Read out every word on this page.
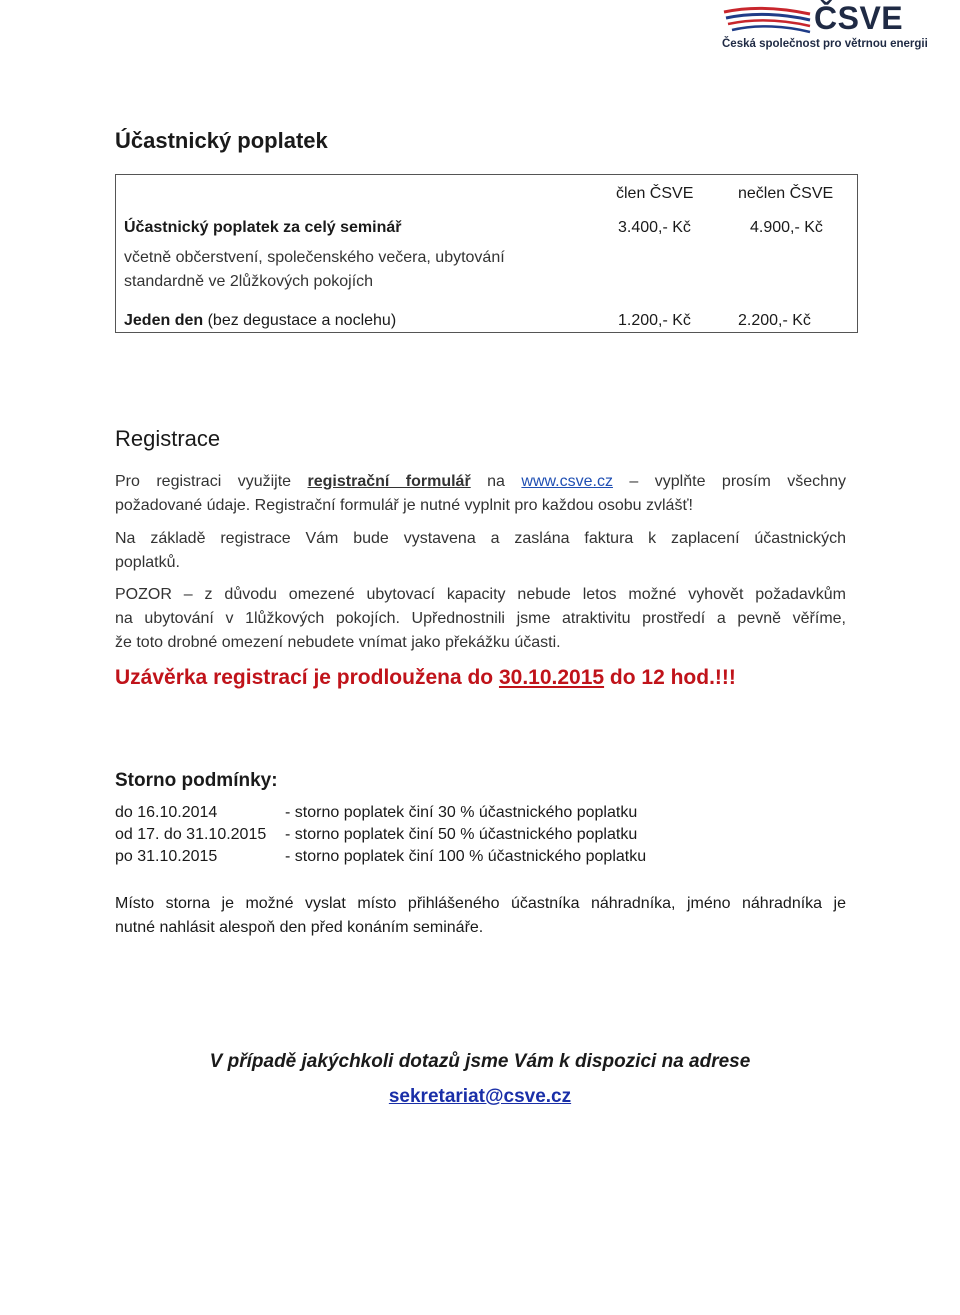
ČSVE
Česká společnost pro větrnou energii
Účastnický poplatek
člen ČSVE	nečlen ČSVE
Účastnický poplatek za celý seminář	3.400,- Kč	4.900,- Kč
včetně občerstvení, společenského večera, ubytování
standardně ve 2lůžkových pokojích
Jeden den (bez degustace a noclehu)	1.200,- Kč	2.200,- Kč
Registrace
Pro registraci využijte registrační formulář na www.csve.cz – vyplňte prosím všechny
požadované údaje. Registrační formulář je nutné vyplnit pro každou osobu zvlášť!
Na základě registrace Vám bude vystavena a zaslána faktura k zaplacení účastnických
poplatků.
POZOR – z důvodu omezené ubytovací kapacity nebude letos možné vyhovět požadavkům
na ubytování v 1lůžkových pokojích. Upřednostnili jsme atraktivitu prostředí a pevně věříme,
že toto drobné omezení nebudete vnímat jako překážku účasti.
Uzávěrka registrací je prodloužena do 30.10.2015 do 12 hod.!!!
Storno podmínky:
do 16.10.2014	- storno poplatek činí 30 % účastnického poplatku
od 17. do 31.10.2015 - storno poplatek činí 50 % účastnického poplatku
po 31.10.2015	- storno poplatek činí 100 % účastnického poplatku
Místo storna je možné vyslat místo přihlášeného účastníka náhradníka, jméno náhradníka je
nutné nahlásit alespoň den před konáním semináře.
V případě jakýchkoli dotazů jsme Vám k dispozici na adrese
sekretariat@csve.cz
